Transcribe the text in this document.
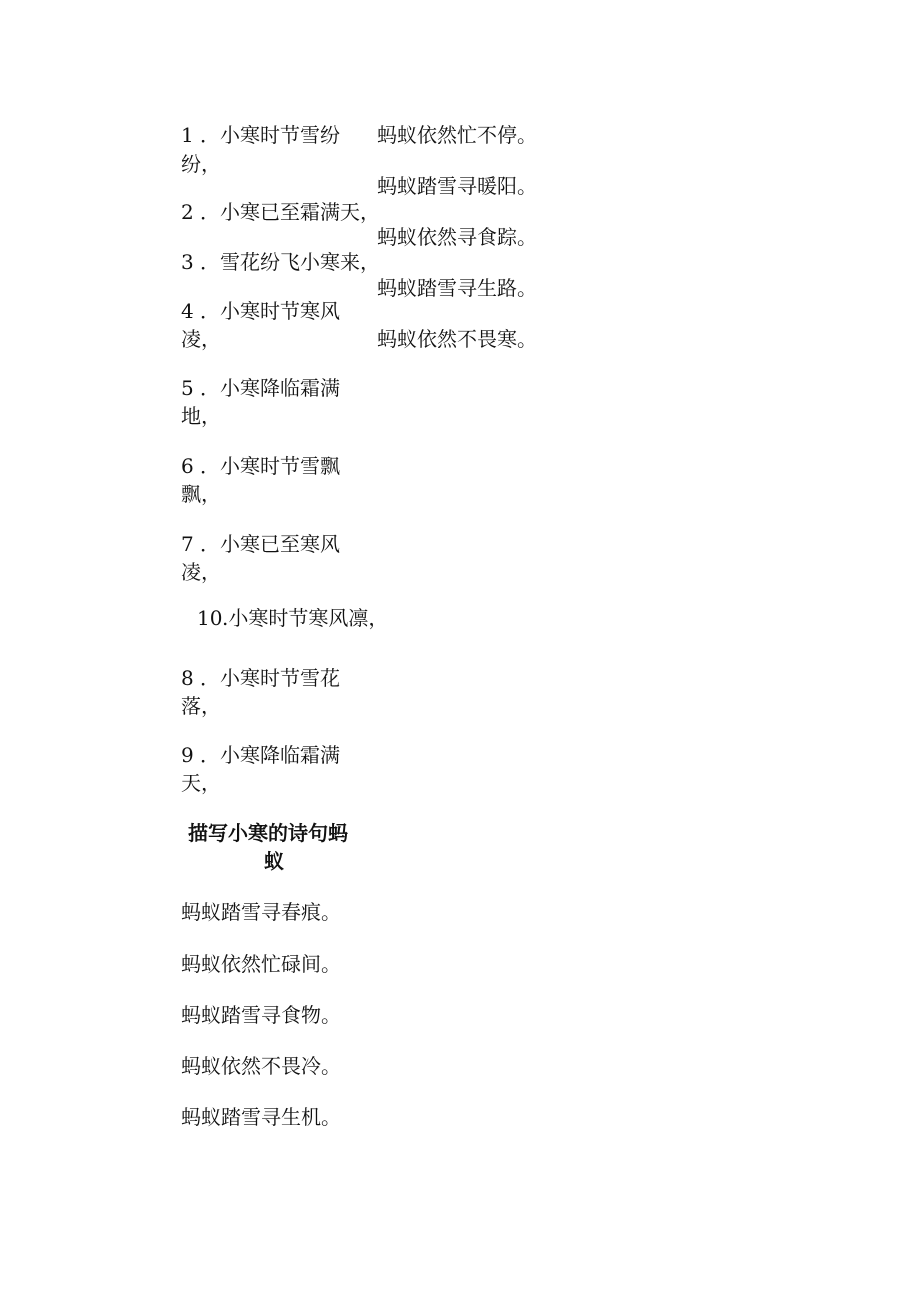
1 ．小寒时节雪纷
纷，
2 ．小寒已至霜满天，
3 ．雪花纷飞小寒来，
4 ．小寒时节寒风
凌，
5 ．小寒降临霜满
地，
6 ．小寒时节雪飘
飘，
7 ．小寒已至寒风
凌，
10 .小寒时节寒风凛，
8 ．小寒时节雪花
落，
9 ．小寒降临霜满
天，
蚂蚁依然忙不停。
蚂蚁踏雪寻暖阳。
蚂蚁依然寻食踪。
蚂蚁踏雪寻生路。
蚂蚁依然不畏寒。
描写小寒的诗句蚂
蚁
蚂蚁踏雪寻春痕。
蚂蚁依然忙碌间。
蚂蚁踏雪寻食物。
蚂蚁依然不畏冷。
蚂蚁踏雪寻生机。
